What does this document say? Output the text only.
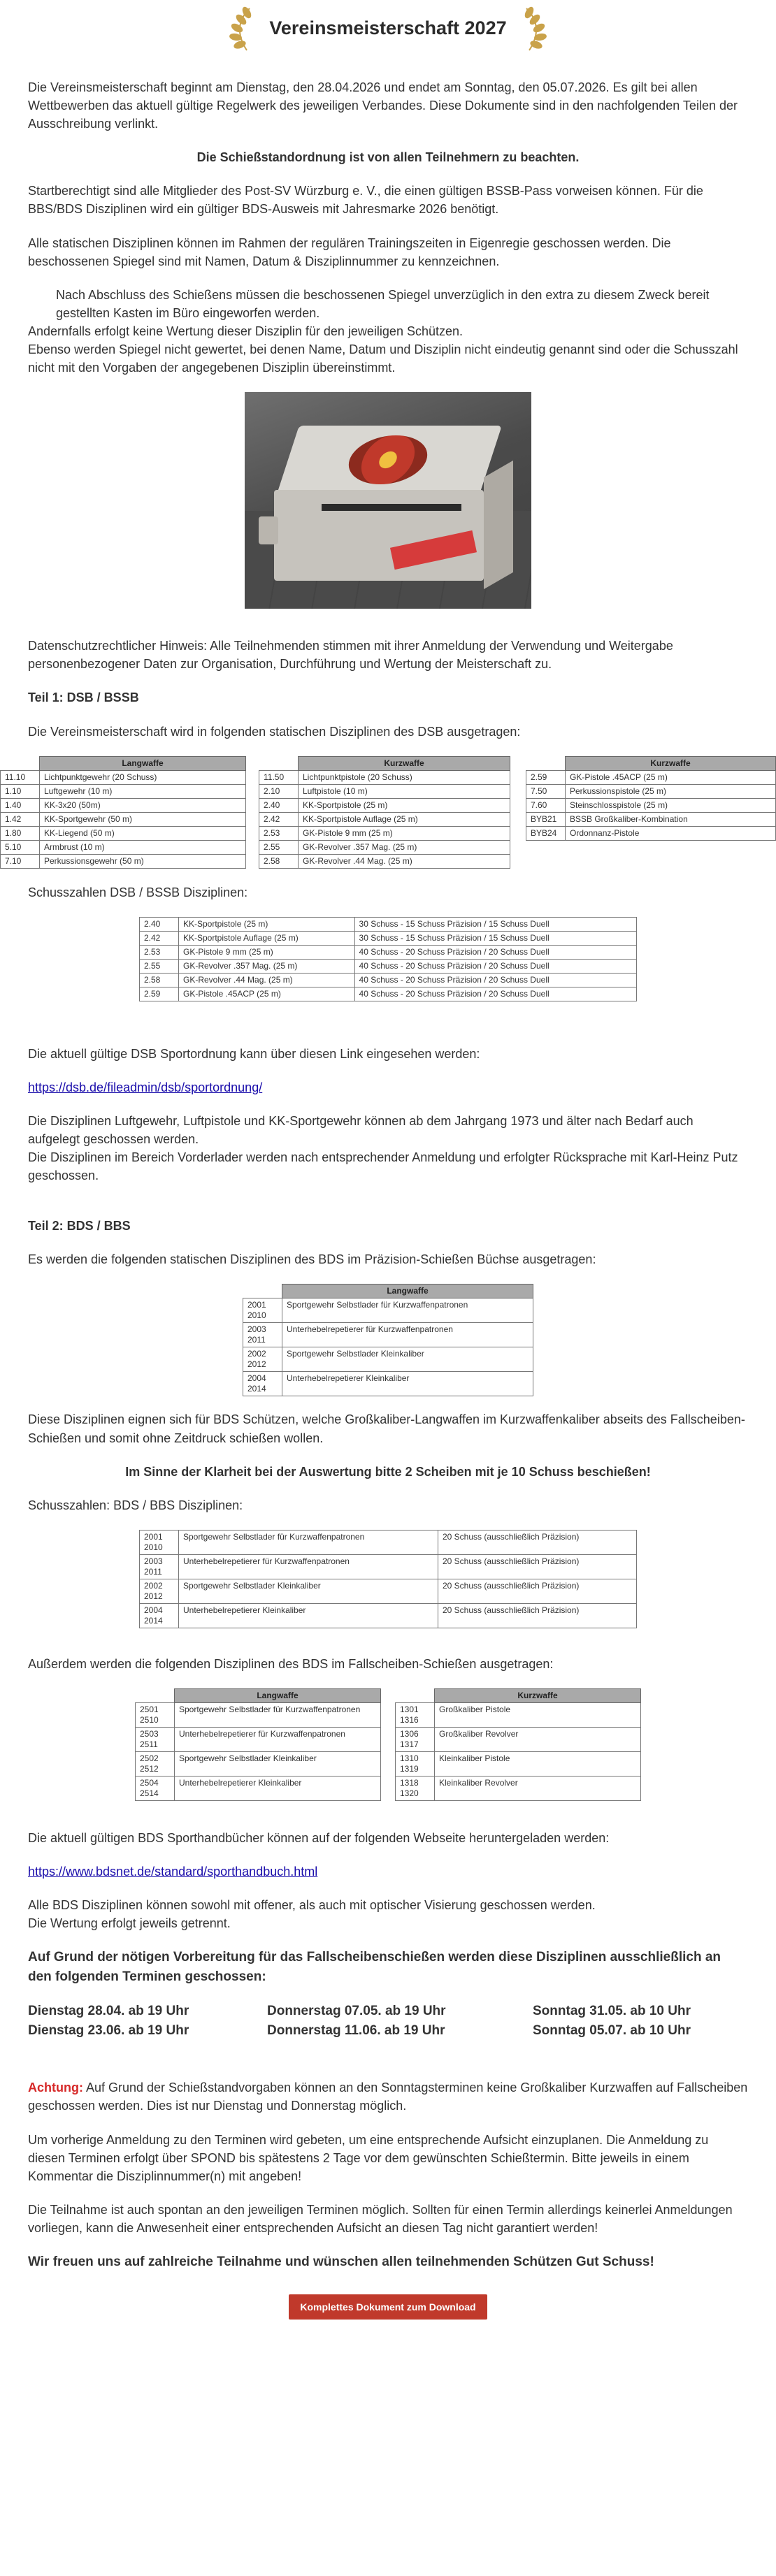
Vereinsmeisterschaft 2027

Die Vereinsmeisterschaft beginnt am Dienstag, den 28.04.2026 und endet am Sonntag, den 05.07.2026. Es gilt bei allen Wettbewerben das aktuell gültige Regelwerk des jeweiligen Verbandes. Diese Dokumente sind in den nachfolgenden Teilen der Ausschreibung verlinkt.

Die Schießstandordnung ist von allen Teilnehmern zu beachten.

Startberechtigt sind alle Mitglieder des Post-SV Würzburg e. V., die einen gültigen BSSB-Pass vorweisen können. Für die BBS/BDS Disziplinen wird ein gültiger BDS-Ausweis mit Jahresmarke 2026 benötigt.

Alle statischen Disziplinen können im Rahmen der regulären Trainingszeiten in Eigenregie geschossen werden. Die beschossenen Spiegel sind mit Namen, Datum & Disziplinnummer zu kennzeichnen.

Nach Abschluss des Schießens müssen die beschossenen Spiegel unverzüglich in den extra zu diesem Zweck bereit gestellten Kasten im Büro eingeworfen werden.
Andernfalls erfolgt keine Wertung dieser Disziplin für den jeweiligen Schützen.

Ebenso werden Spiegel nicht gewertet, bei denen Name, Datum und Disziplin nicht eindeutig genannt sind oder die Schusszahl nicht mit den Vorgaben der angegebenen Disziplin übereinstimmt.

Datenschutzrechtlicher Hinweis: Alle Teilnehmenden stimmen mit ihrer Anmeldung der Verwendung und Weitergabe personenbezogener Daten zur Organisation, Durchführung und Wertung der Meisterschaft zu.

Teil 1: DSB / BSSB

Die Vereinsmeisterschaft wird in folgenden statischen Disziplinen des DSB ausgetragen:

	Langwaffe
11.10	Lichtpunktgewehr (20 Schuss)
1.10	Luftgewehr (10 m)
1.40	KK-3x20 (50m)
1.42	KK-Sportgewehr (50 m)
1.80	KK-Liegend (50 m)
5.10	Armbrust (10 m)
7.10	Perkussionsgewehr (50 m)
	Kurzwaffe
11.50	Lichtpunktpistole (20 Schuss)
2.10	Luftpistole (10 m)
2.40	KK-Sportpistole (25 m)
2.42	KK-Sportpistole Auflage (25 m)
2.53	GK-Pistole 9 mm (25 m)
2.55	GK-Revolver .357 Mag. (25 m)
2.58	GK-Revolver .44 Mag. (25 m)
	Kurzwaffe
2.59	GK-Pistole .45ACP (25 m)
7.50	Perkussionspistole (25 m)
7.60	Steinschlosspistole (25 m)
BYB21	BSSB Großkaliber-Kombination
BYB24	Ordonnanz-Pistole

Schusszahlen DSB / BSSB Disziplinen:

2.40	KK-Sportpistole (25 m)	30 Schuss - 15 Schuss Präzision / 15 Schuss Duell
2.42	KK-Sportpistole Auflage (25 m)	30 Schuss - 15 Schuss Präzision / 15 Schuss Duell
2.53	GK-Pistole 9 mm (25 m)	40 Schuss - 20 Schuss Präzision / 20 Schuss Duell
2.55	GK-Revolver .357 Mag. (25 m)	40 Schuss - 20 Schuss Präzision / 20 Schuss Duell
2.58	GK-Revolver .44 Mag. (25 m)	40 Schuss - 20 Schuss Präzision / 20 Schuss Duell
2.59	GK-Pistole .45ACP (25 m)	40 Schuss - 20 Schuss Präzision / 20 Schuss Duell

Die aktuell gültige DSB Sportordnung kann über diesen Link eingesehen werden:

https://dsb.de/fileadmin/dsb/sportordnung/

Die Disziplinen Luftgewehr, Luftpistole und KK-Sportgewehr können ab dem Jahrgang 1973 und älter nach Bedarf auch aufgelegt geschossen werden.

Die Disziplinen im Bereich Vorderlader werden nach entsprechender Anmeldung und erfolgter Rücksprache mit Karl-Heinz Putz geschossen.

Teil 2: BDS / BBS

Es werden die folgenden statischen Disziplinen des BDS im Präzision-Schießen Büchse ausgetragen:

	Langwaffe
2001
2010	Sportgewehr Selbstlader für Kurzwaffenpatronen
2003
2011	Unterhebelrepetierer für Kurzwaffenpatronen
2002
2012	Sportgewehr Selbstlader Kleinkaliber
2004
2014	Unterhebelrepetierer Kleinkaliber

Diese Disziplinen eignen sich für BDS Schützen, welche Großkaliber-Langwaffen im Kurzwaffenkaliber abseits des Fallscheiben-Schießen und somit ohne Zeitdruck schießen wollen.

Im Sinne der Klarheit bei der Auswertung bitte 2 Scheiben mit je 10 Schuss beschießen!

Schusszahlen: BDS / BBS Disziplinen:

2001
2010	Sportgewehr Selbstlader für Kurzwaffenpatronen	20 Schuss (ausschließlich Präzision)
2003
2011	Unterhebelrepetierer für Kurzwaffenpatronen	20 Schuss (ausschließlich Präzision)
2002
2012	Sportgewehr Selbstlader Kleinkaliber	20 Schuss (ausschließlich Präzision)
2004
2014	Unterhebelrepetierer Kleinkaliber	20 Schuss (ausschließlich Präzision)

Außerdem werden die folgenden Disziplinen des BDS im Fallscheiben-Schießen ausgetragen:

	Langwaffe
2501
2510	Sportgewehr Selbstlader für Kurzwaffenpatronen
2503
2511	Unterhebelrepetierer für Kurzwaffenpatronen
2502
2512	Sportgewehr Selbstlader Kleinkaliber
2504
2514	Unterhebelrepetierer Kleinkaliber
	Kurzwaffe
1301
1316	Großkaliber Pistole
1306
1317	Großkaliber Revolver
1310
1319	Kleinkaliber Pistole
1318
1320	Kleinkaliber Revolver

Die aktuell gültigen BDS Sporthandbücher können auf der folgenden Webseite heruntergeladen werden:

https://www.bdsnet.de/standard/sporthandbuch.html

Alle BDS Disziplinen können sowohl mit offener, als auch mit optischer Visierung geschossen werden.

Die Wertung erfolgt jeweils getrennt.

Auf Grund der nötigen Vorbereitung für das Fallscheibenschießen werden diese Disziplinen ausschließlich an den folgenden Terminen geschossen:

Dienstag 28.04. ab 19 Uhr
Dienstag 23.06. ab 19 Uhr
Donnerstag 07.05. ab 19 Uhr
Donnerstag 11.06. ab 19 Uhr
Sonntag 31.05. ab 10 Uhr
Sonntag 05.07. ab 10 Uhr

Achtung: Auf Grund der Schießstandvorgaben können an den Sonntagsterminen keine Großkaliber Kurzwaffen auf Fallscheiben geschossen werden. Dies ist nur Dienstag und Donnerstag möglich.

Um vorherige Anmeldung zu den Terminen wird gebeten, um eine entsprechende Aufsicht einzuplanen. Die Anmeldung zu diesen Terminen erfolgt über SPOND bis spätestens 2 Tage vor dem gewünschten Schießtermin. Bitte jeweils in einem Kommentar die Disziplinnummer(n) mit angeben!

Die Teilnahme ist auch spontan an den jeweiligen Terminen möglich. Sollten für einen Termin allerdings keinerlei Anmeldungen vorliegen, kann die Anwesenheit einer entsprechenden Aufsicht an diesen Tag nicht garantiert werden!

Wir freuen uns auf zahlreiche Teilnahme und wünschen allen teilnehmenden Schützen Gut Schuss!

Komplettes Dokument zum Download
